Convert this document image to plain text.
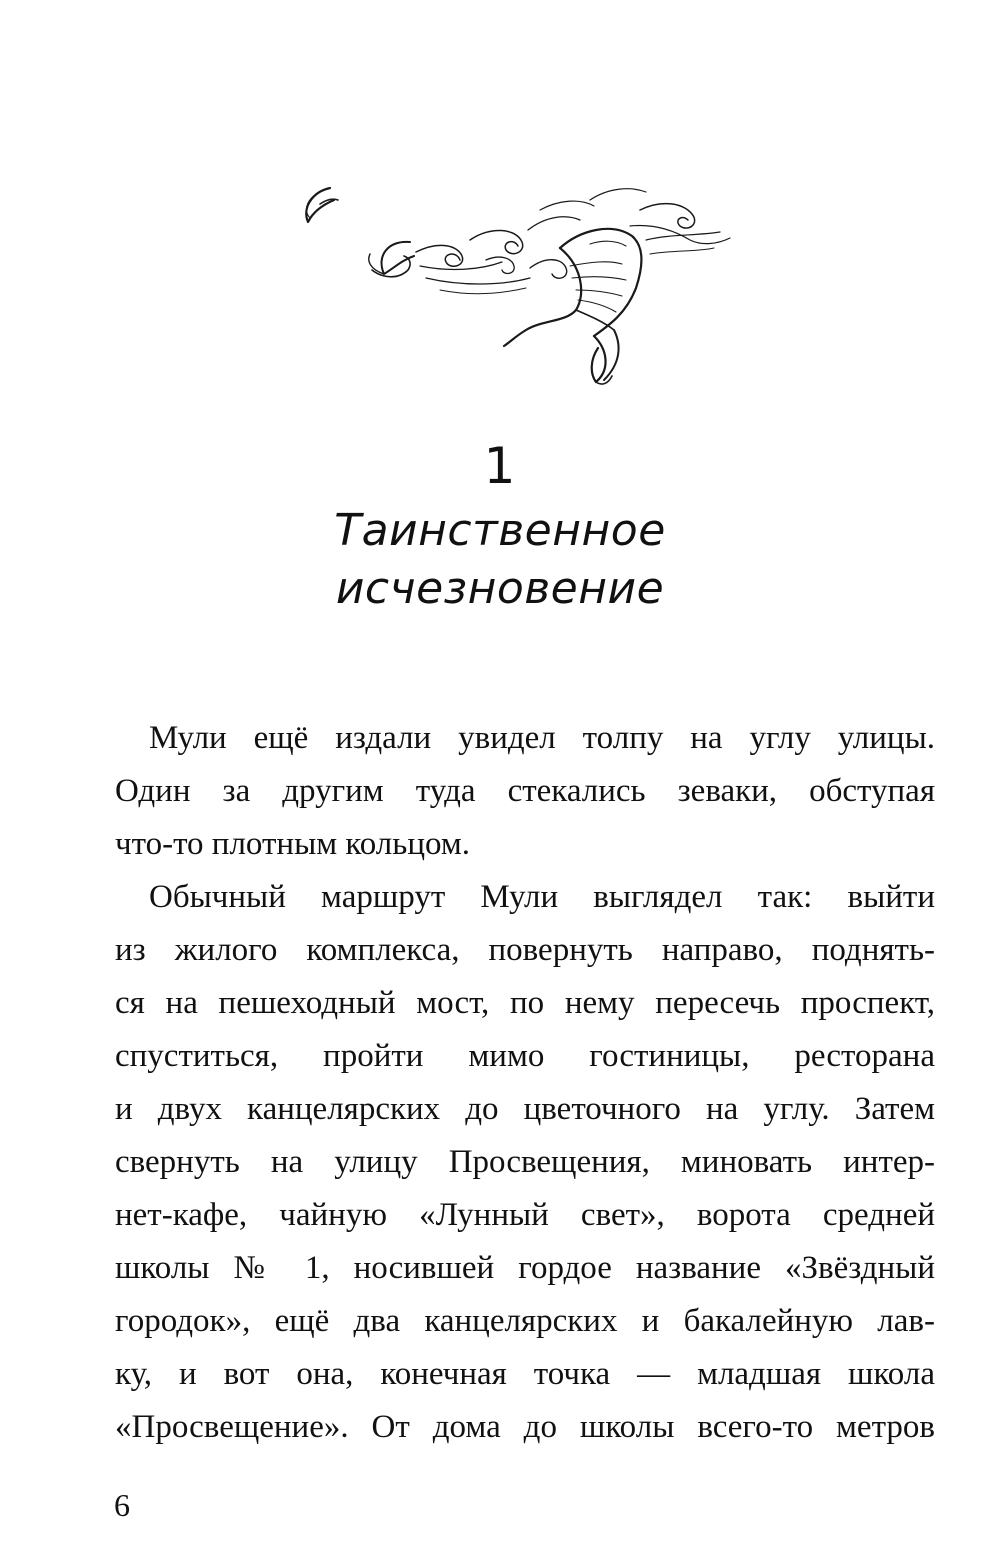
1
Таинственное
исчезновение
Мули ещё издали увидел толпу на углу улицы.
Один за другим туда стекались зеваки, обступая
что-то плотным кольцом.
Обычный маршрут Мули выглядел так: выйти
из жилого комплекса, повернуть направо, поднять-
ся на пешеходный мост, по нему пересечь проспект,
спуститься, пройти мимо гостиницы, ресторана
и двух канцелярских до цветочного на углу. Затем
свернуть на улицу Просвещения, миновать интер-
нет-кафе, чайную «Лунный свет», ворота средней
школы № 1, носившей гордое название «Звёздный
городок», ещё два канцелярских и бакалейную лав-
ку, и вот она, конечная точка — младшая школа
«Просвещение». От дома до школы всего-то метров
6
